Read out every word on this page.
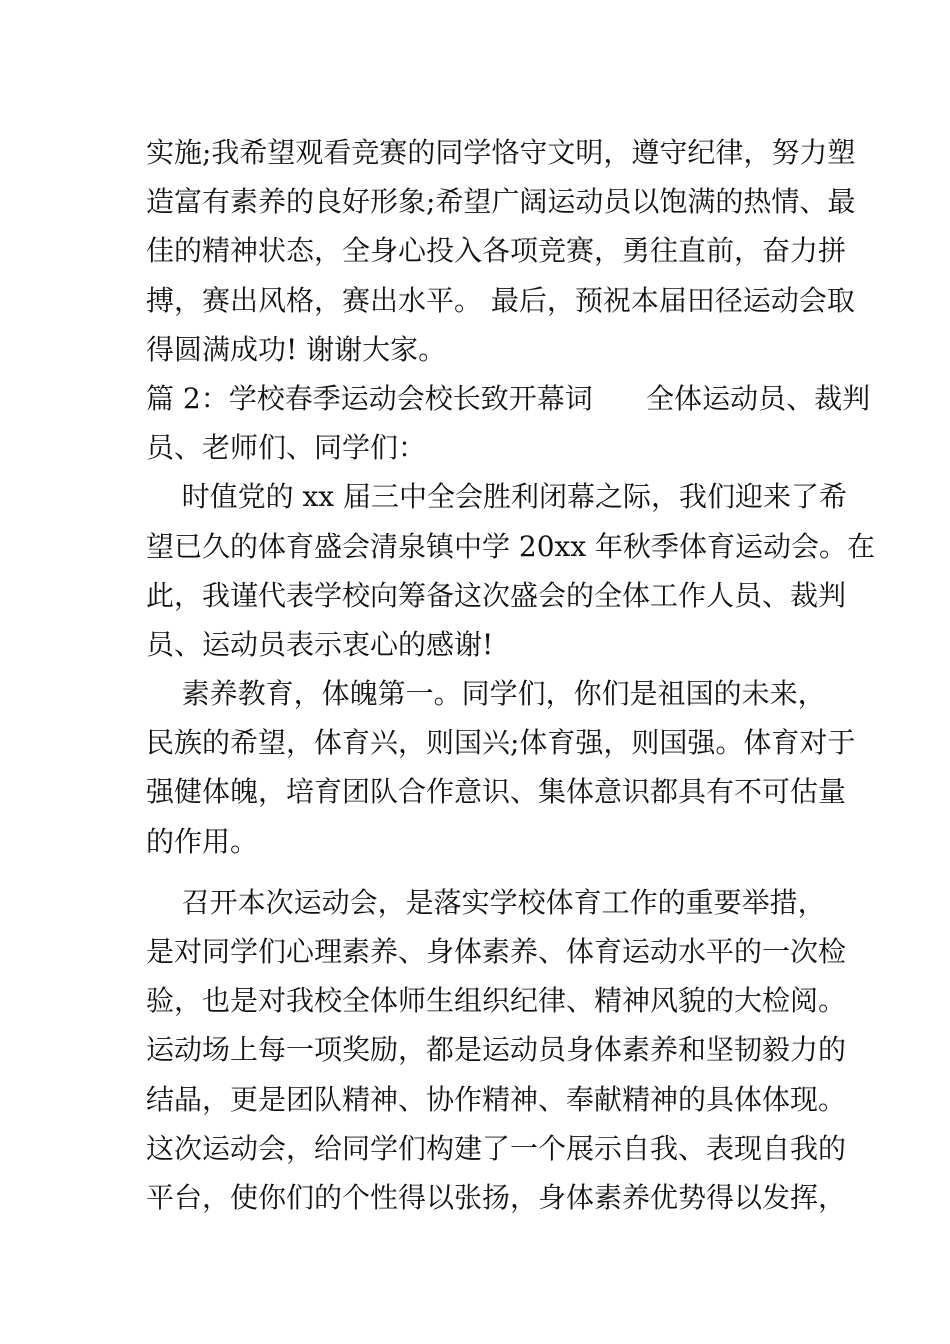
实施;我希望观看竞赛的同学恪守文明，遵守纪律，努力塑
造富有素养的良好形象;希望广阔运动员以饱满的热情、最
佳的精神状态，全身心投入各项竞赛，勇往直前，奋力拼
搏，赛出风格，赛出水平。 最后，预祝本届田径运动会取
得圆满成功! 谢谢大家。
篇 2：学校春季运动会校长致开幕词      全体运动员、裁判
员、老师们、同学们：
时值党的 xx 届三中全会胜利闭幕之际，我们迎来了希
望已久的体育盛会清泉镇中学 20xx 年秋季体育运动会。在
此，我谨代表学校向筹备这次盛会的全体工作人员、裁判
员、运动员表示衷心的感谢!
素养教育，体魄第一。同学们，你们是祖国的未来，
民族的希望，体育兴，则国兴;体育强，则国强。体育对于
强健体魄，培育团队合作意识、集体意识都具有不可估量
的作用。
召开本次运动会，是落实学校体育工作的重要举措，
是对同学们心理素养、身体素养、体育运动水平的一次检
验，也是对我校全体师生组织纪律、精神风貌的大检阅。
运动场上每一项奖励，都是运动员身体素养和坚韧毅力的
结晶，更是团队精神、协作精神、奉献精神的具体体现。
这次运动会，给同学们构建了一个展示自我、表现自我的
平台，使你们的个性得以张扬，身体素养优势得以发挥，
